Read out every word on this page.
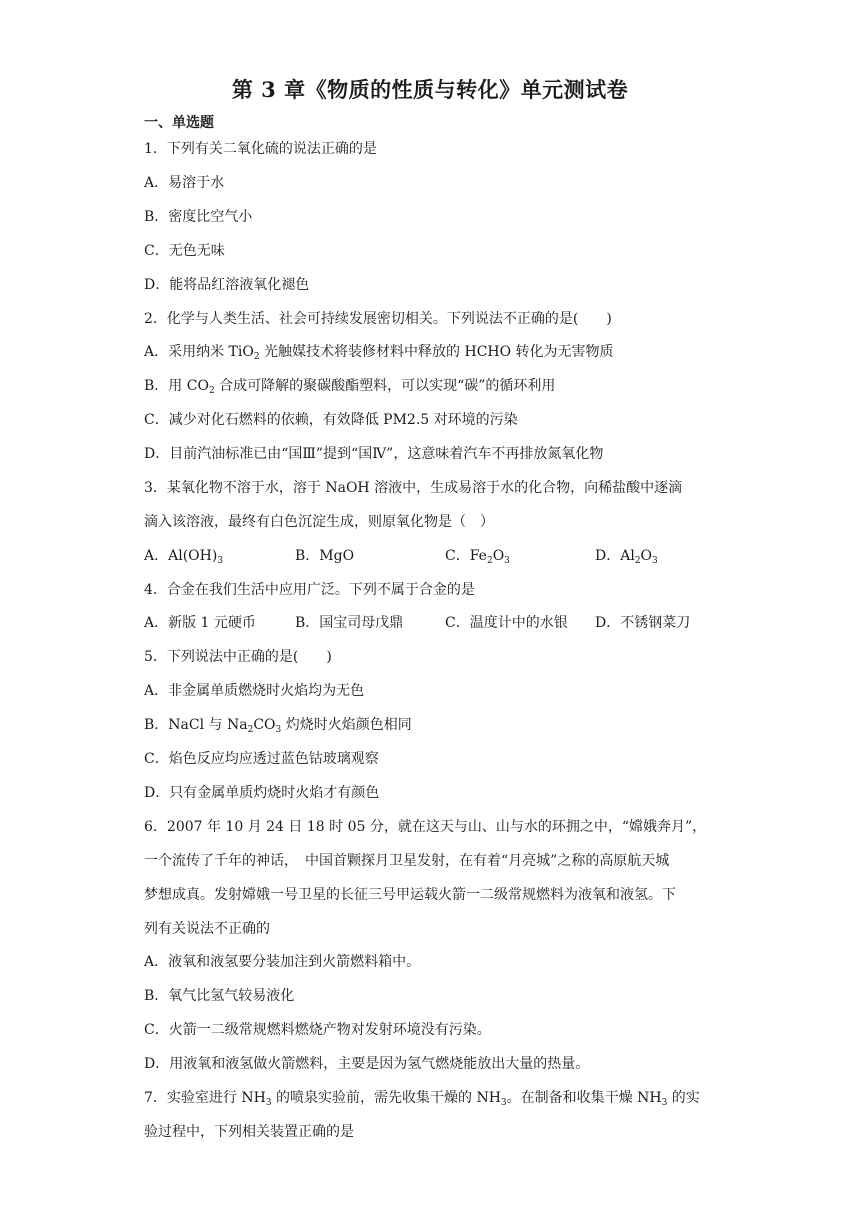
第 3 章《物质的性质与转化》单元测试卷
一、单选题
1．下列有关二氧化硫的说法正确的是
A．易溶于水
B．密度比空气小
C．无色无味
D．能将品红溶液氧化褪色
2．化学与人类生活、社会可持续发展密切相关。下列说法不正确的是(　　)
A．采用纳米 TiO$_2$ 光触媒技术将装修材料中释放的 HCHO 转化为无害物质
B．用 $CO_2$ 合成可降解的聚碳酸酯塑料，可以实现“碳”的循环利用
C．减少对化石燃料的依赖，有效降低 PM2.5 对环境的污染
D．目前汽油标准已由“国Ⅲ”提到“国Ⅳ”，这意味着汽车不再排放氮氧化物
3．某氧化物不溶于水，溶于 NaOH 溶液中，生成易溶于水的化合物，向稀盐酸中逐滴
滴入该溶液，最终有白色沉淀生成，则原氧化物是（　）
A．$Al(OH)_3$	B．MgO	C．$Fe_2O_3$	D．$Al_2O_3$
4．合金在我们生活中应用广泛。下列不属于合金的是
A．新版 1 元硬币	B．国宝司母戊鼎	C．温度计中的水银 D．不锈钢菜刀
5．下列说法中正确的是(　　)
A．非金属单质燃烧时火焰均为无色
B．NaCl 与 $Na_2CO_3$ 灼烧时火焰颜色相同
C．焰色反应均应透过蓝色钴玻璃观察
D．只有金属单质灼烧时火焰才有颜色
6．2007 年 10 月 24 日 18 时 05 分，就在这天与山、山与水的环拥之中，“嫦娥奔月”，
一个流传了千年的神话，　中国首颗探月卫星发射，在有着“月亮城”之称的高原航天城
梦想成真。发射嫦娥一号卫星的长征三号甲运载火箭一二级常规燃料为液氧和液氢。下
列有关说法不正确的
A．液氧和液氢要分装加注到火箭燃料箱中。
B．氧气比氢气较易液化
C．火箭一二级常规燃料燃烧产物对发射环境没有污染。
D．用液氧和液氢做火箭燃料，主要是因为氢气燃烧能放出大量的热量。
7．实验室进行 $NH_3$ 的喷泉实验前，需先收集干燥的 $NH_3$。在制备和收集干燥 $NH_3$ 的实
验过程中，下列相关装置正确的是
